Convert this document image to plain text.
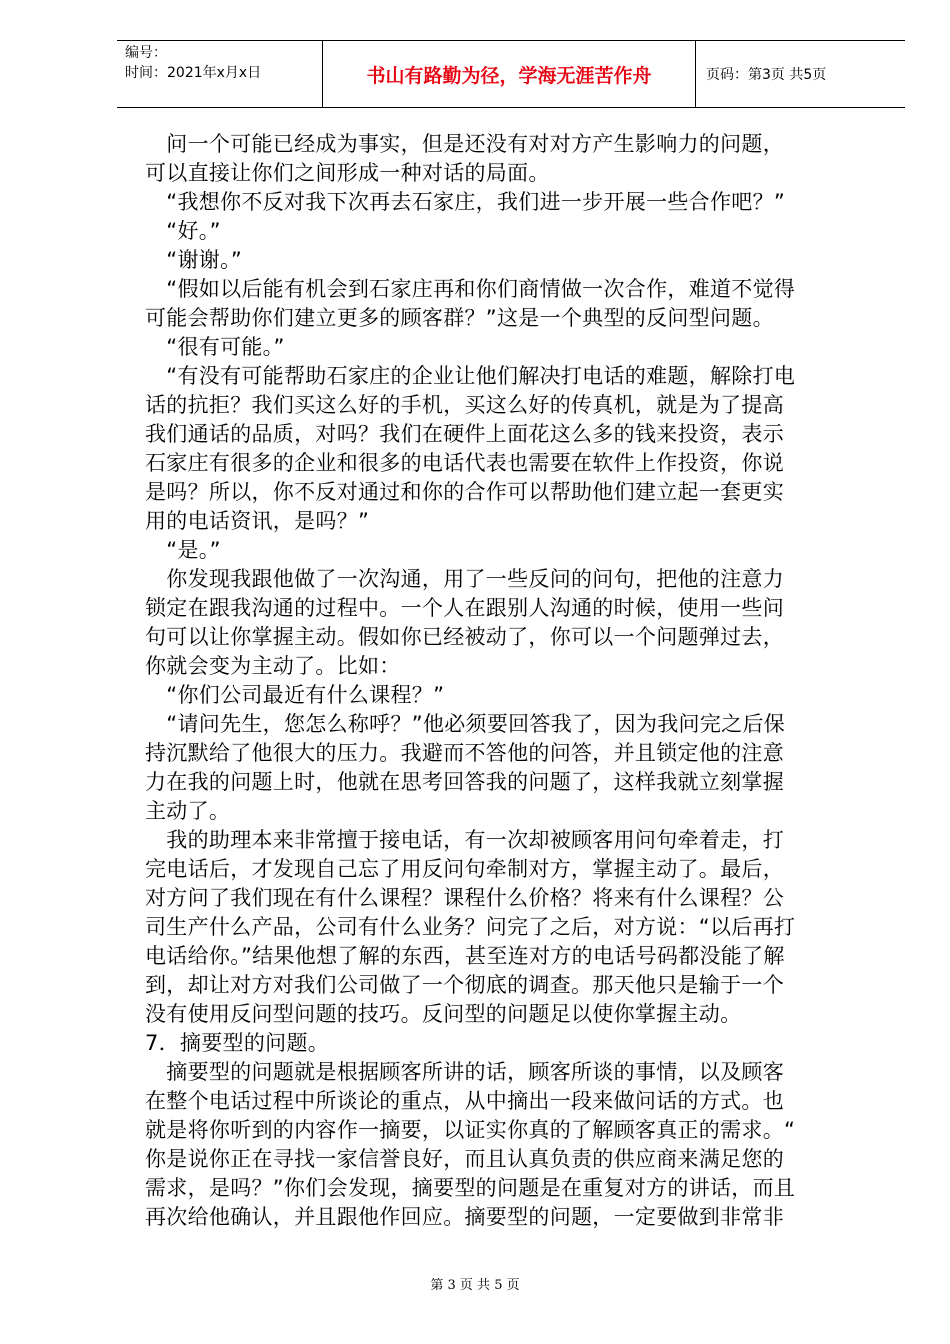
编号：
时间：2021年x月x日	书山有路勤为径，学海无涯苦作舟	页码：第3页 共5页

　问一个可能已经成为事实，但是还没有对对方产生影响力的问题，

可以直接让你们之间形成一种对话的局面。

　“我想你不反对我下次再去石家庄，我们进一步开展一些合作吧？”

　“好。”

　“谢谢。”

　“假如以后能有机会到石家庄再和你们商情做一次合作，难道不觉得

可能会帮助你们建立更多的顾客群？”这是一个典型的反问型问题。

　“很有可能。”

　“有没有可能帮助石家庄的企业让他们解决打电话的难题，解除打电

话的抗拒？我们买这么好的手机，买这么好的传真机，就是为了提高

我们通话的品质，对吗？我们在硬件上面花这么多的钱来投资，表示

石家庄有很多的企业和很多的电话代表也需要在软件上作投资，你说

是吗？所以，你不反对通过和你的合作可以帮助他们建立起一套更实

用的电话资讯，是吗？”

　“是。”

　你发现我跟他做了一次沟通，用了一些反问的问句，把他的注意力

锁定在跟我沟通的过程中。一个人在跟别人沟通的时候，使用一些问

句可以让你掌握主动。假如你已经被动了，你可以一个问题弹过去，

你就会变为主动了。比如：

　“你们公司最近有什么课程？”

　“请问先生，您怎么称呼？”他必须要回答我了，因为我问完之后保

持沉默给了他很大的压力。我避而不答他的问答，并且锁定他的注意

力在我的问题上时，他就在思考回答我的问题了，这样我就立刻掌握

主动了。

　我的助理本来非常擅于接电话，有一次却被顾客用问句牵着走，打

完电话后，才发现自己忘了用反问句牵制对方，掌握主动了。最后，

对方问了我们现在有什么课程？课程什么价格？将来有什么课程？公

司生产什么产品，公司有什么业务？问完了之后，对方说：“以后再打

电话给你。”结果他想了解的东西，甚至连对方的电话号码都没能了解

到，却让对方对我们公司做了一个彻底的调查。那天他只是输于一个

没有使用反问型问题的技巧。反问型的问题足以使你掌握主动。

7．摘要型的问题。

　摘要型的问题就是根据顾客所讲的话，顾客所谈的事情，以及顾客

在整个电话过程中所谈论的重点，从中摘出一段来做问话的方式。也

就是将你听到的内容作一摘要，以证实你真的了解顾客真正的需求。“

你是说你正在寻找一家信誉良好，而且认真负责的供应商来满足您的

需求，是吗？”你们会发现，摘要型的问题是在重复对方的讲话，而且

再次给他确认，并且跟他作回应。摘要型的问题，一定要做到非常非

第 3 页 共 5 页
